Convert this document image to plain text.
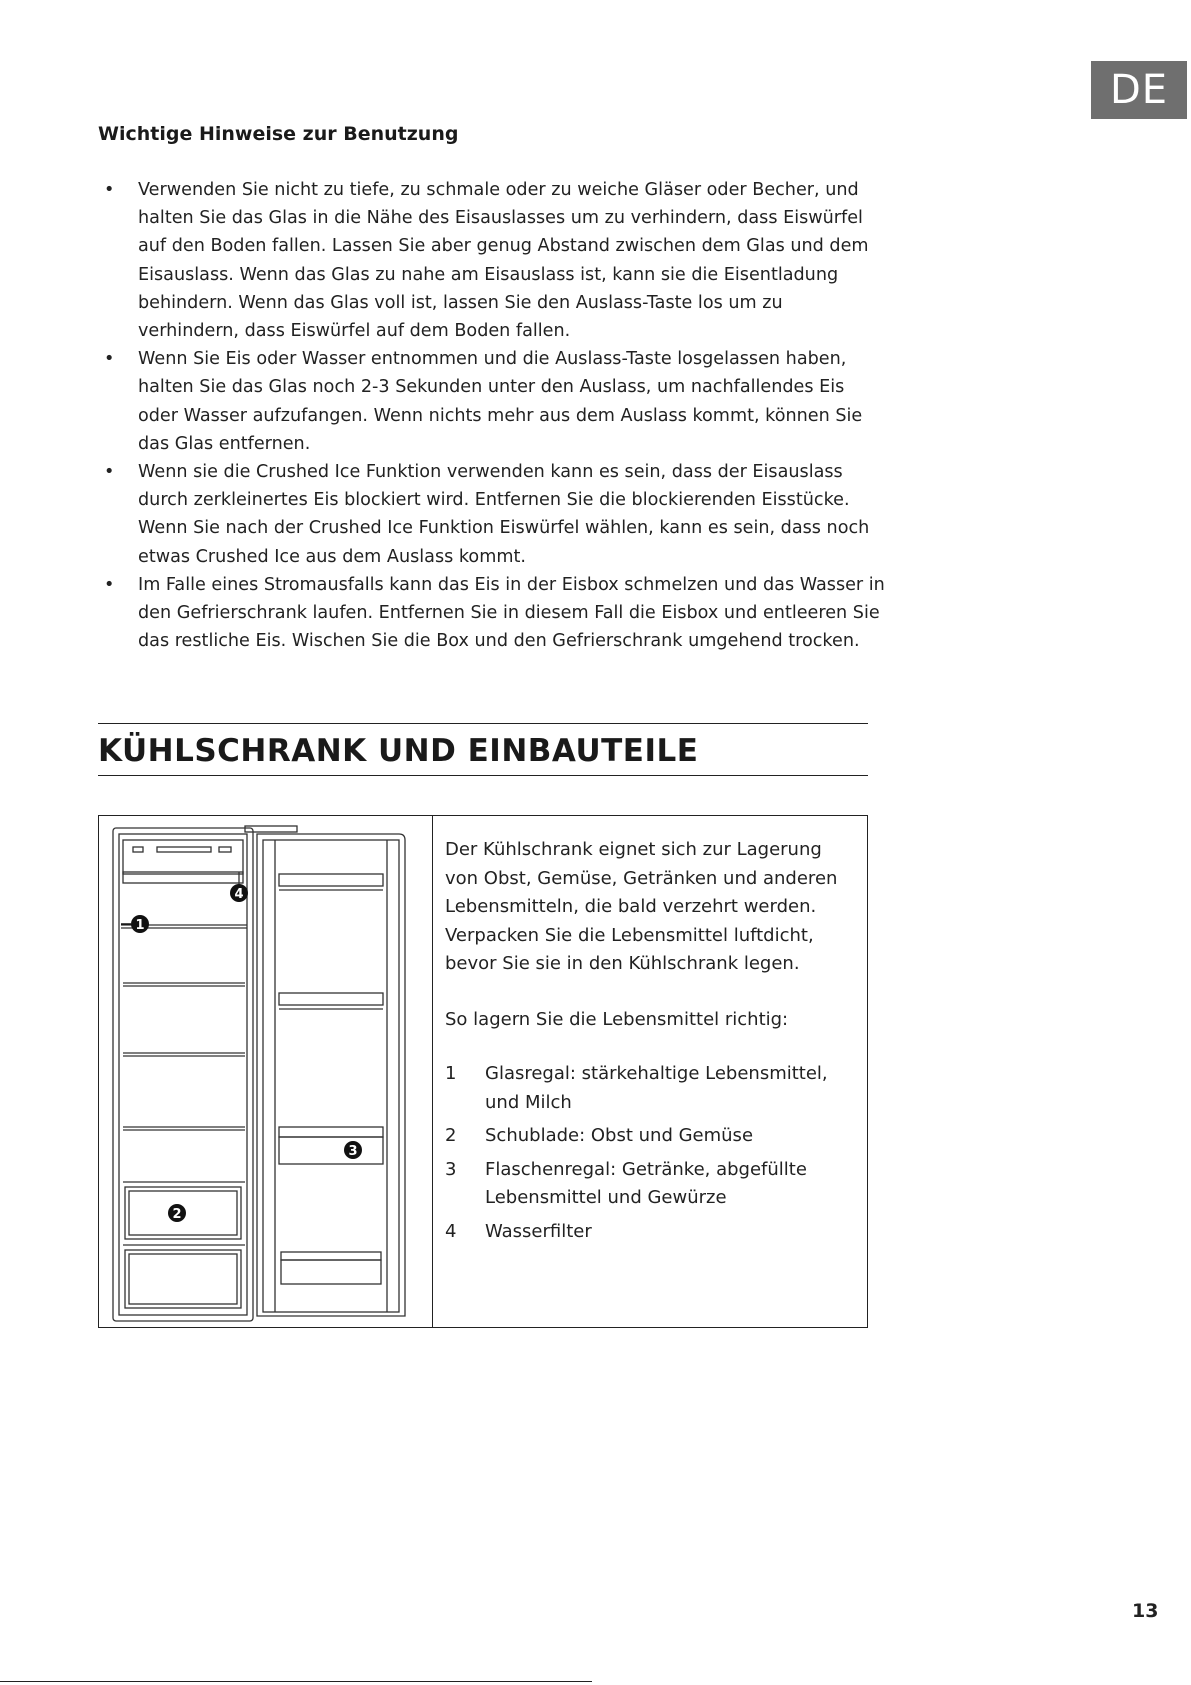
DE
Wichtige Hinweise zur Benutzung
• Verwenden Sie nicht zu tiefe, zu schmale oder zu weiche Gläser oder Becher, und halten Sie das Glas in die Nähe des Eisauslasses um zu verhindern, dass Eiswürfel auf den Boden fallen. Lassen Sie aber genug Abstand zwischen dem Glas und dem Eisauslass. Wenn das Glas zu nahe am Eisauslass ist, kann sie die Eisentladung behindern. Wenn das Glas voll ist, lassen Sie den Auslass-Taste los um zu verhindern, dass Eiswürfel auf dem Boden fallen.
• Wenn Sie Eis oder Wasser entnommen und die Auslass-Taste losgelassen haben, halten Sie das Glas noch 2-3 Sekunden unter den Auslass, um nachfallendes Eis oder Wasser aufzufangen. Wenn nichts mehr aus dem Auslass kommt, können Sie das Glas entfernen.
• Wenn sie die Crushed Ice Funktion verwenden kann es sein, dass der Eisauslass durch zerkleinertes Eis blockiert wird. Entfernen Sie die blockierenden Eisstücke. Wenn Sie nach der Crushed Ice Funktion Eiswürfel wählen, kann es sein, dass noch etwas Crushed Ice aus dem Auslass kommt.
• Im Falle eines Stromausfalls kann das Eis in der Eisbox schmelzen und das Wasser in den Gefrierschrank laufen. Entfernen Sie in diesem Fall die Eisbox und entleeren Sie das restliche Eis. Wischen Sie die Box und den Gefrierschrank umgehend trocken.
KÜHLSCHRANK UND EINBAUTEILE
1
4
2
3

Der Kühlschrank eignet sich zur Lagerung von Obst, Gemüse, Getränken und anderen Lebensmitteln, die bald verzehrt werden. Verpacken Sie die Lebensmittel luftdicht, bevor Sie sie in den Kühlschrank legen.

So lagern Sie die Lebensmittel richtig:

1 Glasregal: stärkehaltige Lebensmittel, und Milch
2 Schublade: Obst und Gemüse
3 Flaschenregal: Getränke, abgefüllte Lebensmittel und Gewürze
4 Wasserfilter
13
